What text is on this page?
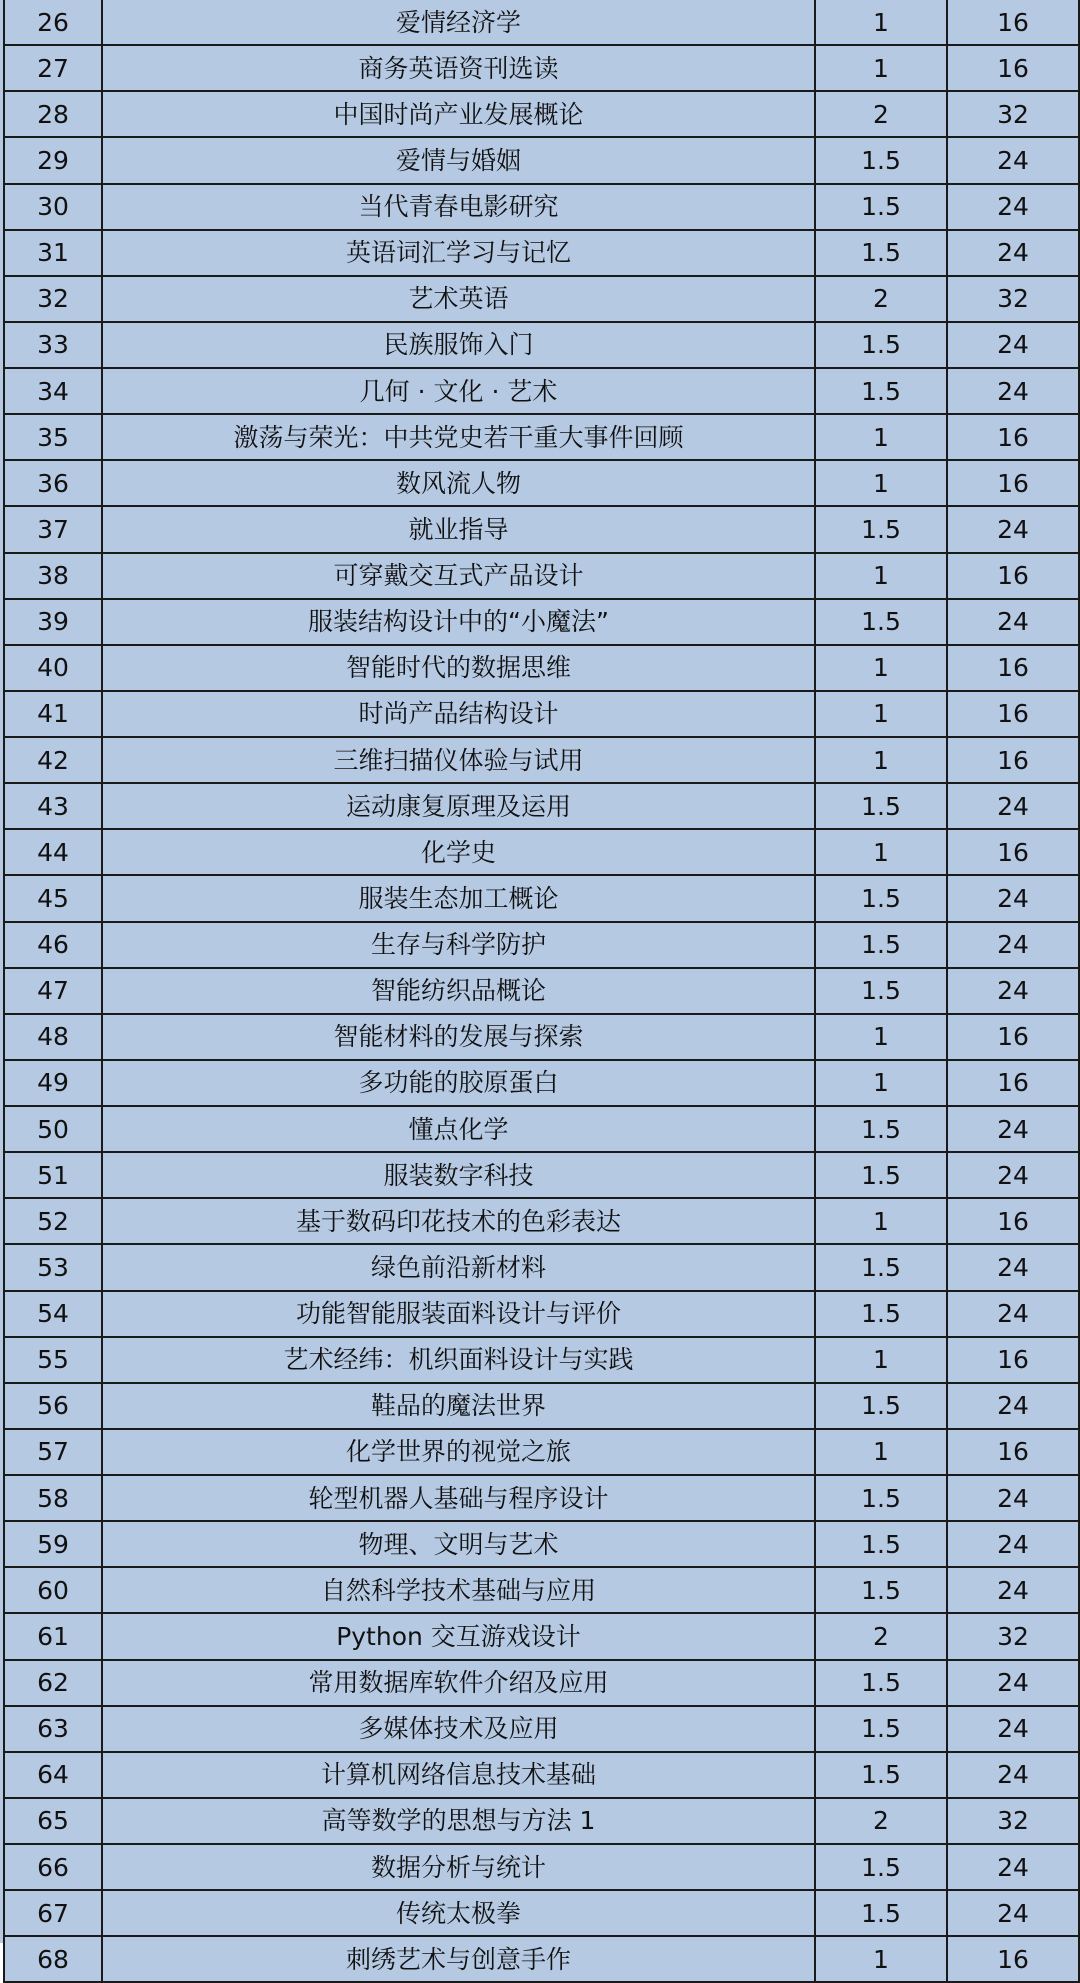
26	爱情经济学	1	16
27	商务英语资刊选读	1	16
28	中国时尚产业发展概论	2	32
29	爱情与婚姻	1.5	24
30	当代青春电影研究	1.5	24
31	英语词汇学习与记忆	1.5	24
32	艺术英语	2	32
33	民族服饰入门	1.5	24
34	几何 · 文化 · 艺术	1.5	24
35	激荡与荣光：中共党史若干重大事件回顾	1	16
36	数风流人物	1	16
37	就业指导	1.5	24
38	可穿戴交互式产品设计	1	16
39	服装结构设计中的“小魔法”	1.5	24
40	智能时代的数据思维	1	16
41	时尚产品结构设计	1	16
42	三维扫描仪体验与试用	1	16
43	运动康复原理及运用	1.5	24
44	化学史	1	16
45	服装生态加工概论	1.5	24
46	生存与科学防护	1.5	24
47	智能纺织品概论	1.5	24
48	智能材料的发展与探索	1	16
49	多功能的胶原蛋白	1	16
50	懂点化学	1.5	24
51	服装数字科技	1.5	24
52	基于数码印花技术的色彩表达	1	16
53	绿色前沿新材料	1.5	24
54	功能智能服装面料设计与评价	1.5	24
55	艺术经纬：机织面料设计与实践	1	16
56	鞋品的魔法世界	1.5	24
57	化学世界的视觉之旅	1	16
58	轮型机器人基础与程序设计	1.5	24
59	物理、文明与艺术	1.5	24
60	自然科学技术基础与应用	1.5	24
61	Python 交互游戏设计	2	32
62	常用数据库软件介绍及应用	1.5	24
63	多媒体技术及应用	1.5	24
64	计算机网络信息技术基础	1.5	24
65	高等数学的思想与方法 1	2	32
66	数据分析与统计	1.5	24
67	传统太极拳	1.5	24
68	刺绣艺术与创意手作	1	16
